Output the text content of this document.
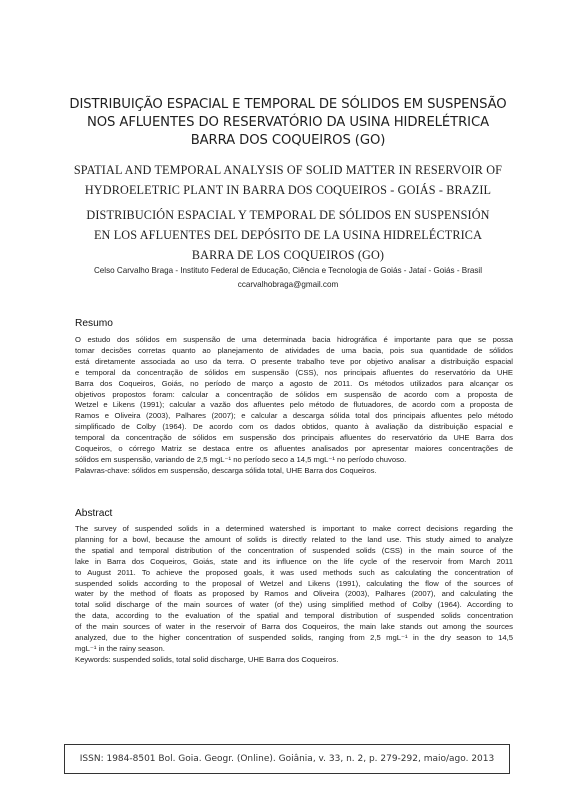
DISTRIBUIÇÃO ESPACIAL E TEMPORAL DE SÓLIDOS EM SUSPENSÃO
NOS AFLUENTES DO RESERVATÓRIO DA USINA HIDRELÉTRICA
BARRA DOS COQUEIROS (GO)
SPATIAL AND TEMPORAL ANALYSIS OF SOLID MATTER IN RESERVOIR OF
HYDROELETRIC PLANT IN BARRA DOS COQUEIROS - GOIÁS - BRAZIL
DISTRIBUCIÓN ESPACIAL Y TEMPORAL DE SÓLIDOS EN SUSPENSIÓN
EN LOS AFLUENTES DEL DEPÓSITO DE LA USINA HIDRELÉCTRICA
BARRA DE LOS COQUEIROS (GO)
Celso Carvalho Braga - Instituto Federal de Educação, Ciência e Tecnologia de Goiás - Jataí - Goiás - Brasil
ccarvalhobraga@gmail.com
Resumo
O estudo dos sólidos em suspensão de uma determinada bacia hidrográfica é importante para que se possa
tomar decisões corretas quanto ao planejamento de atividades de uma bacia, pois sua quantidade de sólidos
está diretamente associada ao uso da terra. O presente trabalho teve por objetivo analisar a distribuição espacial
e temporal da concentração de sólidos em suspensão (CSS), nos principais afluentes do reservatório da UHE
Barra dos Coqueiros, Goiás, no período de março a agosto de 2011. Os métodos utilizados para alcançar os
objetivos propostos foram: calcular a concentração de sólidos em suspensão de acordo com a proposta de
Wetzel e Likens (1991); calcular a vazão dos afluentes pelo método de flutuadores, de acordo com a proposta de
Ramos e Oliveira (2003), Palhares (2007); e calcular a descarga sólida total dos principais afluentes pelo método
simplificado de Colby (1964). De acordo com os dados obtidos, quanto à avaliação da distribuição espacial e
temporal da concentração de sólidos em suspensão dos principais afluentes do reservatório da UHE Barra dos
Coqueiros, o córrego Matriz se destaca entre os afluentes analisados por apresentar maiores concentrações de
sólidos em suspensão, variando de 2,5 mgL⁻¹ no período seco a 14,5 mgL⁻¹ no período chuvoso.
Palavras-chave: sólidos em suspensão, descarga sólida total, UHE Barra dos Coqueiros.
Abstract
The survey of suspended solids in a determined watershed is important to make correct decisions regarding the
planning for a bowl, because the amount of solids is directly related to the land use. This study aimed to analyze
the spatial and temporal distribution of the concentration of suspended solids (CSS) in the main source of the
lake in Barra dos Coqueiros, Goiás, state and its influence on the life cycle of the reservoir from March 2011
to August 2011. To achieve the proposed goals, it was used methods such as calculating the concentration of
suspended solids according to the proposal of Wetzel and Likens (1991), calculating the flow of the sources of
water by the method of floats as proposed by Ramos and Oliveira (2003), Palhares (2007), and calculating the
total solid discharge of the main sources of water (of the) using simplified method of Colby (1964). According to
the data, according to the evaluation of the spatial and temporal distribution of suspended solids concentration
of the main sources of water in the reservoir of Barra dos Coqueiros, the main lake stands out among the sources
analyzed, due to the higher concentration of suspended solids, ranging from 2,5 mgL⁻¹ in the dry season to 14,5
mgL⁻¹ in the rainy season.
Keywords: suspended solids, total solid discharge, UHE Barra dos Coqueiros.
ISSN: 1984-8501 Bol. Goia. Geogr. (Online). Goiânia, v. 33, n. 2, p. 279-292, maio/ago. 2013
